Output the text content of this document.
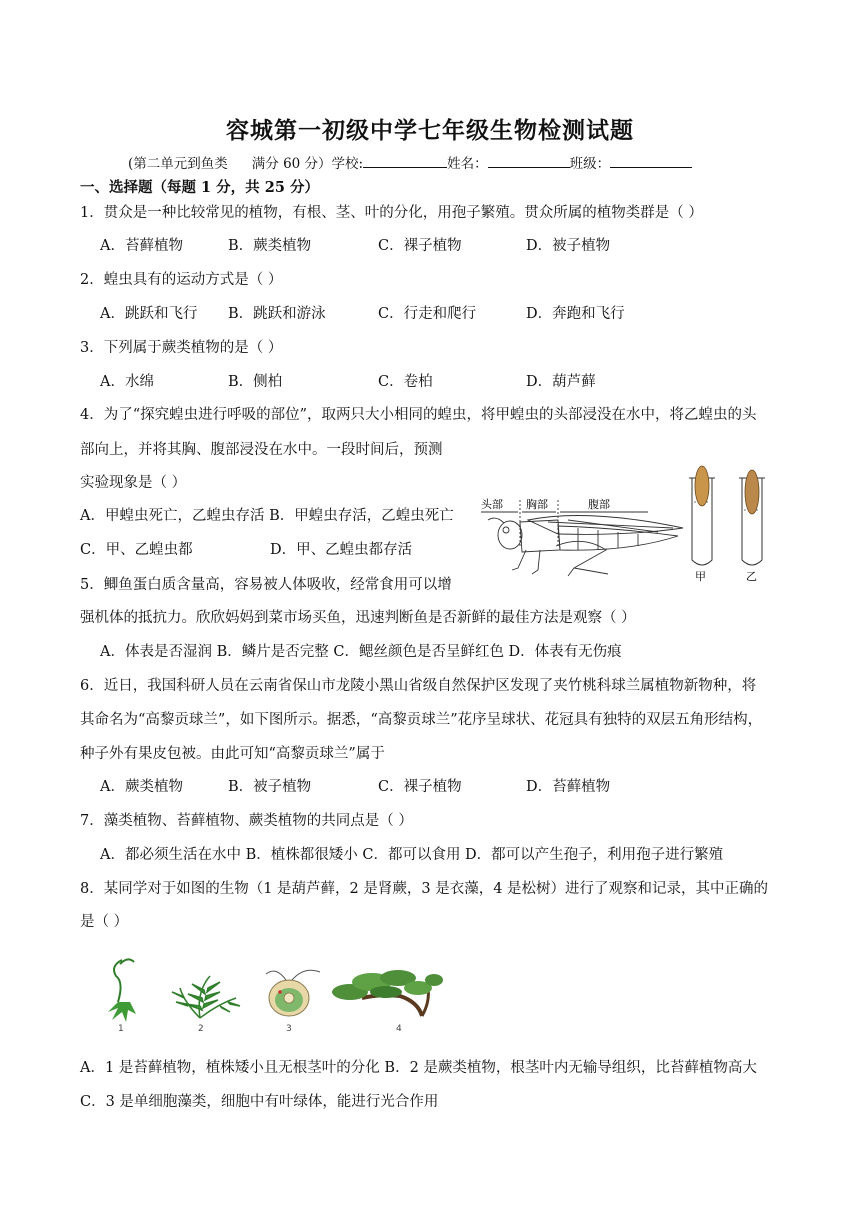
容城第一初级中学七年级生物检测试题
(第二单元到鱼类 满分 60 分）学校:	姓名：	班级：
一、选择题（每题 1 分，共 25 分）
1．贯众是一种比较常见的植物，有根、茎、叶的分化，用孢子繁殖。贯众所属的植物类群是（ ）
A．苔藓植物	B．蕨类植物	C．裸子植物	D．被子植物
2．蝗虫具有的运动方式是（ ）
A．跳跃和飞行 B．跳跃和游泳	C．行走和爬行	D．奔跑和飞行
3．下列属于蕨类植物的是（ ）
A．水绵	B．侧柏	C．卷柏	D．葫芦藓
4．为了“探究蝗虫进行呼吸的部位”，取两只大小相同的蝗虫，将甲蝗虫的头部浸没在水中，将乙蝗虫的头
部向上，并将其胸、腹部浸没在水中。一段时间后，预测
实验现象是（ ）
A．甲蝗虫死亡，乙蝗虫存活 B．甲蝗虫存活，乙蝗虫死亡
C．甲、乙蝗虫都	D．甲、乙蝗虫都存活
头部 胸部	腹部
甲	乙
5．鲫鱼蛋白质含量高，容易被人体吸收，经常食用可以增
强机体的抵抗力。欣欣妈妈到菜市场买鱼，迅速判断鱼是否新鲜的最佳方法是观察（ ）
A．体表是否湿润 B．鳞片是否完整 C．鳃丝颜色是否呈鲜红色 D．体表有无伤痕
6．近日，我国科研人员在云南省保山市龙陵小黑山省级自然保护区发现了夹竹桃科球兰属植物新物种，将
其命名为“高黎贡球兰”，如下图所示。据悉，“高黎贡球兰”花序呈球状、花冠具有独特的双层五角形结构，
种子外有果皮包被。由此可知“高黎贡球兰”属于
A．蕨类植物	B．被子植物	C．裸子植物	D．苔藓植物
7．藻类植物、苔藓植物、蕨类植物的共同点是（ ）
A．都必须生活在水中 B．植株都很矮小 C．都可以食用 D．都可以产生孢子，利用孢子进行繁殖
8．某同学对于如图的生物（1 是葫芦藓，2 是肾蕨，3 是衣藻，4 是松树）进行了观察和记录，其中正确的
是（ ）
1	2	3	4
A．1 是苔藓植物，植株矮小且无根茎叶的分化 B．2 是蕨类植物，根茎叶内无输导组织，比苔藓植物高大
C．3 是单细胞藻类，细胞中有叶绿体，能进行光合作用
